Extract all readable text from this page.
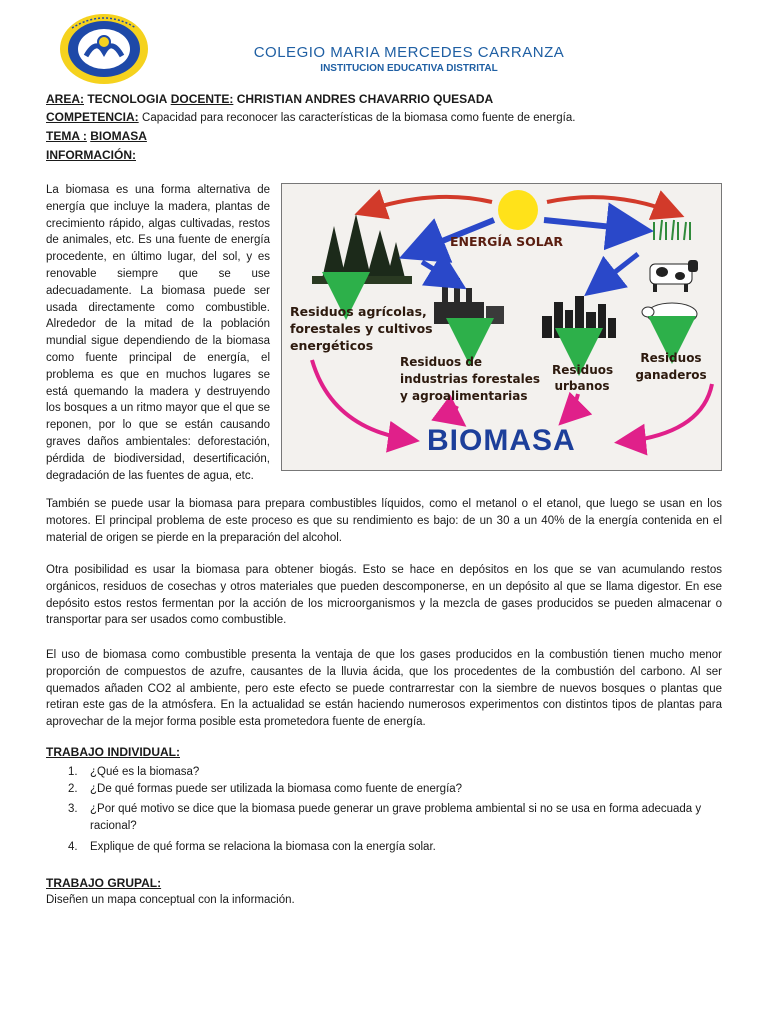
COLEGIO MARIA MERCEDES CARRANZA
INSTITUCION EDUCATIVA DISTRITAL
AREA: TECNOLOGIA DOCENTE: CHRISTIAN ANDRES CHAVARRIO QUESADA
COMPETENCIA: Capacidad para reconocer las características de la biomasa como fuente de energía.
TEMA : BIOMASA
INFORMACIÓN:

La biomasa es una forma alternativa de energía que incluye la madera, plantas de crecimiento rápido, algas cultivadas, restos de animales, etc. Es una fuente de energía procedente, en último lugar, del sol, y es renovable siempre que se use adecuadamente. La biomasa puede ser usada directamente como combustible. Alrededor de la mitad de la población mundial sigue dependiendo de la biomasa como fuente principal de energía, el problema es que en muchos lugares se está quemando la madera y destruyendo los bosques a un ritmo mayor que el que se reponen, por lo que se están causando graves daños ambientales: deforestación, pérdida de biodiversidad, desertificación, degradación de las fuentes de agua, etc.

ENERGÍA SOLAR
Residuos agrícolas, forestales y cultivos energéticos
Residuos de industrias forestales y agroalimentarias
Residuos urbanos
Residuos ganaderos
BIOMASA

También se puede usar la biomasa para prepara combustibles líquidos, como el metanol o el etanol, que luego se usan en los motores. El principal problema de este proceso es que su rendimiento es bajo: de un 30 a un 40% de la energía contenida en el material de origen se pierde en la preparación del alcohol.

Otra posibilidad es usar la biomasa para obtener biogás. Esto se hace en depósitos en los que se van acumulando restos orgánicos, residuos de cosechas y otros materiales que pueden descomponerse, en un depósito al que se llama digestor. En ese depósito estos restos fermentan por la acción de los microorganismos y la mezcla de gases producidos se pueden almacenar o transportar para ser usados como combustible.

El uso de biomasa como combustible presenta la ventaja de que los gases producidos en la combustión tienen mucho menor proporción de compuestos de azufre, causantes de la lluvia ácida, que los procedentes de la combustión del carbono. Al ser quemados añaden CO2 al ambiente, pero este efecto se puede contrarrestar con la siembre de nuevos bosques o plantas que retiran este gas de la atmósfera. En la actualidad se están haciendo numerosos experimentos con distintos tipos de plantas para aprovechar de la mejor forma posible esta prometedora fuente de energía.

TRABAJO INDIVIDUAL:
1.	¿Qué es la biomasa?
2.	¿De qué formas puede ser utilizada la biomasa como fuente de energía?
3.	¿Por qué motivo se dice que la biomasa puede generar un grave problema ambiental si no se usa en forma adecuada y racional?
4.	Explique de qué forma se relaciona la biomasa con la energía solar.
TRABAJO GRUPAL:
Diseñen un mapa conceptual con la información.
